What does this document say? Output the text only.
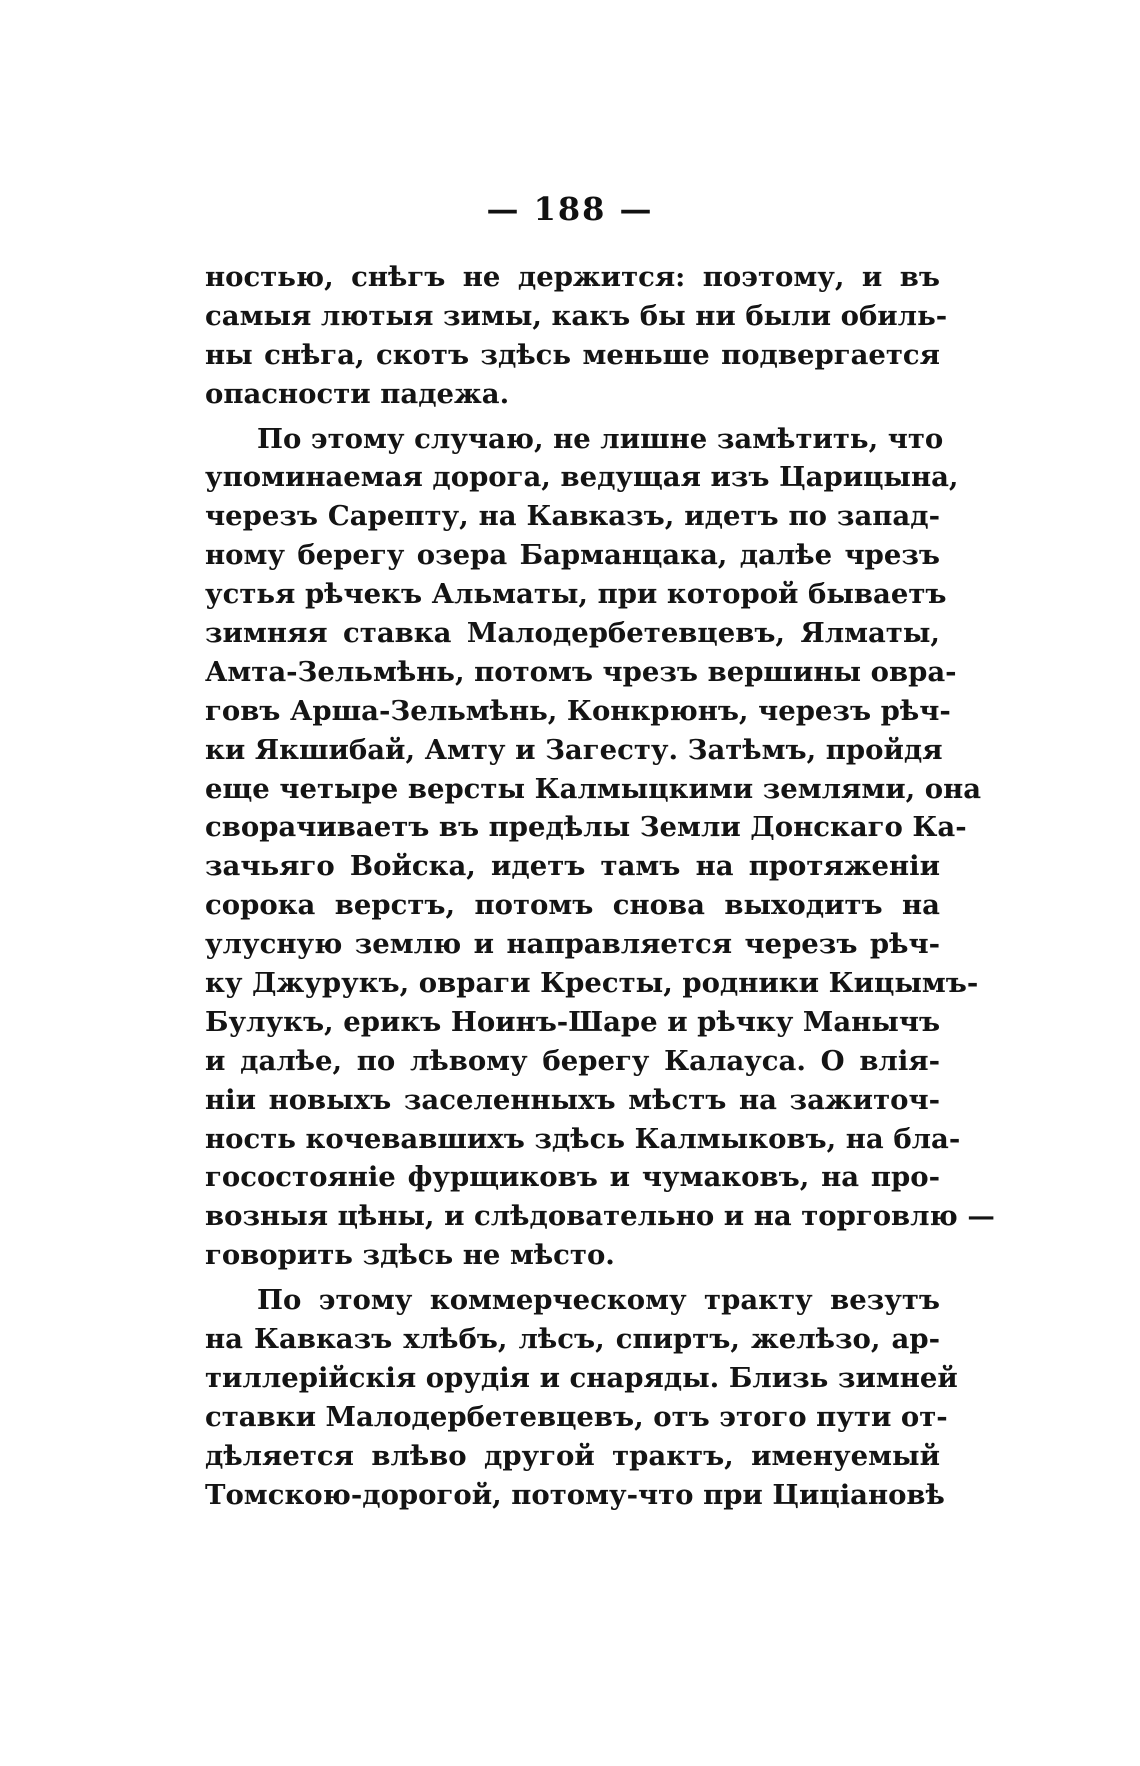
— 188 —
ностью, снѣгъ не держится: поэтому, и въ
самыя лютыя зимы, какъ бы ни были обиль-
ны снѣга, скотъ здѣсь меньше подвергается
опасности падежа.
По этому случаю, не лишне замѣтить, что
упоминаемая дорога, ведущая изъ Царицына,
черезъ Сарепту, на Кавказъ, идетъ по запад-
ному берегу озера Барманцака, далѣе чрезъ
устья рѣчекъ Альматы, при которой бываетъ
зимняя ставка Малодербетевцевъ, Ялматы,
Амта-Зельмѣнь, потомъ чрезъ вершины овра-
говъ Арша-Зельмѣнь, Конкрюнъ, черезъ рѣч-
ки Якшибай, Амту и Загесту. Затѣмъ, пройдя
еще четыре версты Калмыцкими землями, она
сворачиваетъ въ предѣлы Земли Донскаго Ка-
зачьяго Войска, идетъ тамъ на протяженіи
сорока верстъ, потомъ снова выходитъ на
улусную землю и направляется черезъ рѣч-
ку Джурукъ, овраги Кресты, родники Кицымъ-
Булукъ, ерикъ Ноинъ-Шаре и рѣчку Манычъ
и далѣе, по лѣвому берегу Калауса. О влія-
ніи новыхъ заселенныхъ мѣстъ на зажиточ-
ность кочевавшихъ здѣсь Калмыковъ, на бла-
госостояніе фурщиковъ и чумаковъ, на про-
возныя цѣны, и слѣдовательно и на торговлю —
говорить здѣсь не мѣсто.
По этому коммерческому тракту везутъ
на Кавказъ хлѣбъ, лѣсъ, спиртъ, желѣзо, ар-
тиллерійскія орудія и снаряды. Близь зимней
ставки Малодербетевцевъ, отъ этого пути от-
дѣляется влѣво другой трактъ, именуемый
Томскою-дорогой, потому-что при Цицiановѣ
